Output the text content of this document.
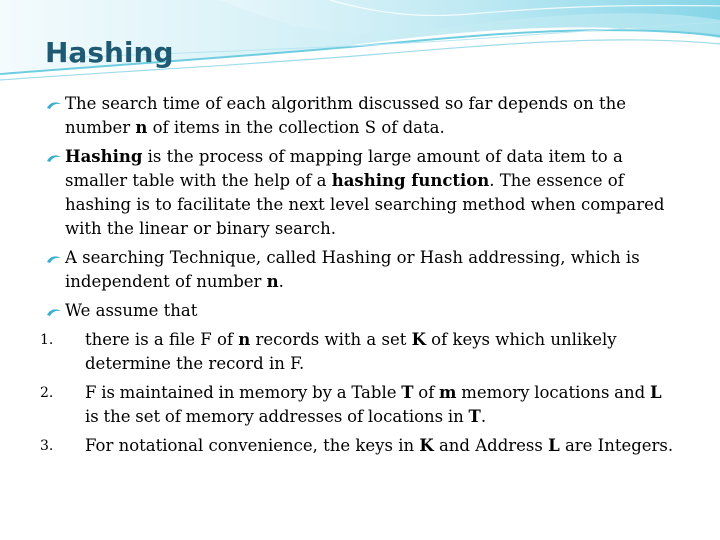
Hashing
The search time of each algorithm discussed so far depends on the number n of items in the collection S of data.
Hashing is the process of mapping large amount of data item to a smaller table with the help of a hashing function. The essence of hashing is to facilitate the next level searching method when compared with the linear or binary search.
A searching Technique, called Hashing or Hash addressing, which is independent of number n.
We assume that
1. there is a file F of n records with a set K of keys which unlikely determine the record in F.
2. F is maintained in memory by a Table T of m memory locations and L is the set of memory addresses of locations in T.
3. For notational convenience, the keys in K and Address L are Integers.
